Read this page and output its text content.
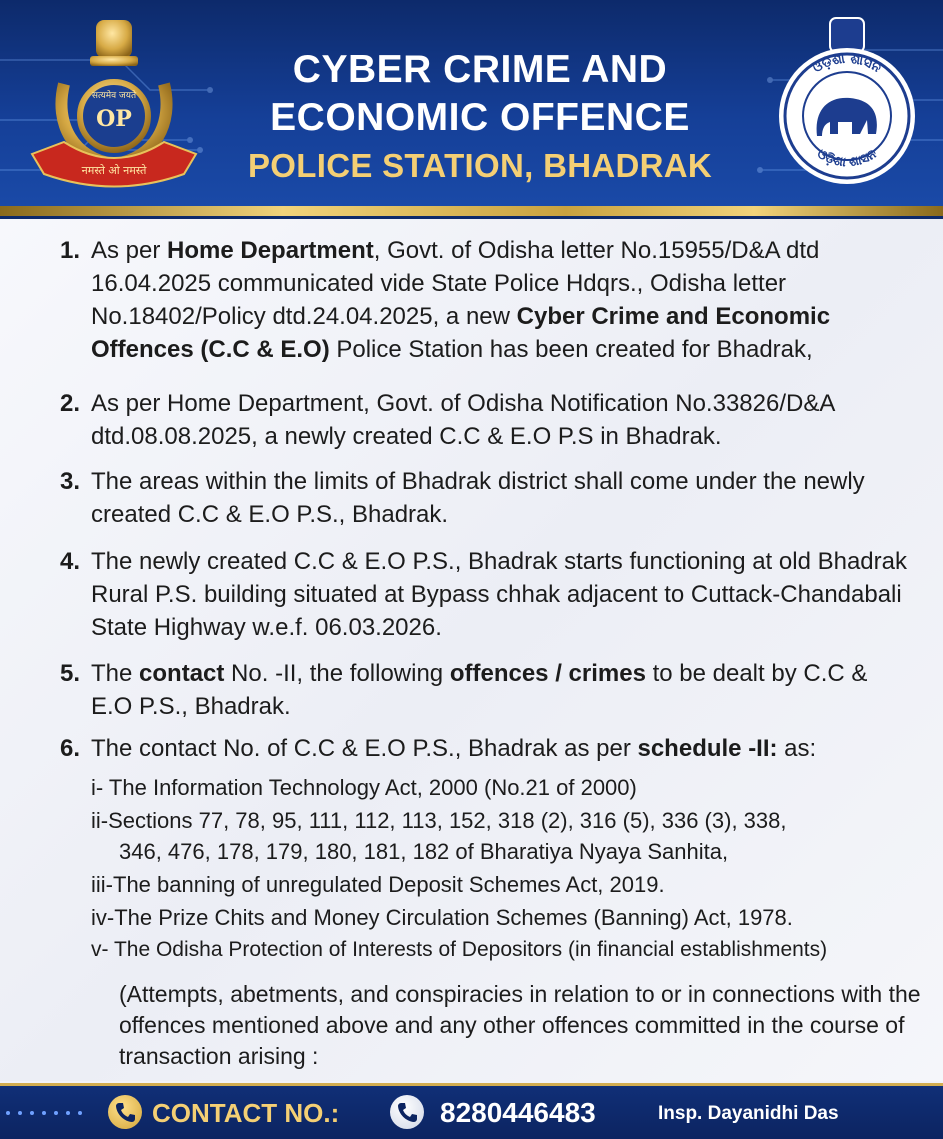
सत्यमेव जयते
OP
नमस्ते ओ नमस्ते
CYBER CRIME AND
ECONOMIC OFFENCE
POLICE STATION, BHADRAK
ଓଡ଼ିଶା ଶାସନ
ଓଡ଼ିଶା ଶାସନ
1. As per Home Department, Govt. of Odisha letter No.15955/D&A dtd 16.04.2025 communicated vide State Police Hdqrs., Odisha letter No.18402/Policy dtd.24.04.2025, a new Cyber Crime and Economic Offences (C.C & E.O) Police Station has been created for Bhadrak,
2. As per Home Department, Govt. of Odisha Notification No.33826/D&A dtd.08.08.2025, a newly created C.C & E.O P.S in Bhadrak.
3. The areas within the limits of Bhadrak district shall come under the newly created C.C & E.O P.S., Bhadrak.
4. The newly created C.C & E.O P.S., Bhadrak starts functioning at old Bhadrak Rural P.S. building situated at Bypass chhak adjacent to Cuttack-Chandabali State Highway w.e.f. 06.03.2026.
5. The contact No. -II, the following offences / crimes to be dealt by C.C & E.O P.S., Bhadrak.
6. The contact No. of C.C & E.O P.S., Bhadrak as per schedule -II: as:
i- The Information Technology Act, 2000 (No.21 of 2000)
ii-Sections 77, 78, 95, 111, 112, 113, 152, 318 (2), 316 (5), 336 (3), 338,
346, 476, 178, 179, 180, 181, 182 of Bharatiya Nyaya Sanhita,
iii-The banning of unregulated Deposit Schemes Act, 2019.
iv-The Prize Chits and Money Circulation Schemes (Banning) Act, 1978.
v- The Odisha Protection of Interests of Depositors (in financial establishments)
(Attempts, abetments, and conspiracies in relation to or in connections with the offences mentioned above and any other offences committed in the course of transaction arising :
CONTACT NO.:	8280446483	Insp. Dayanidhi Das
